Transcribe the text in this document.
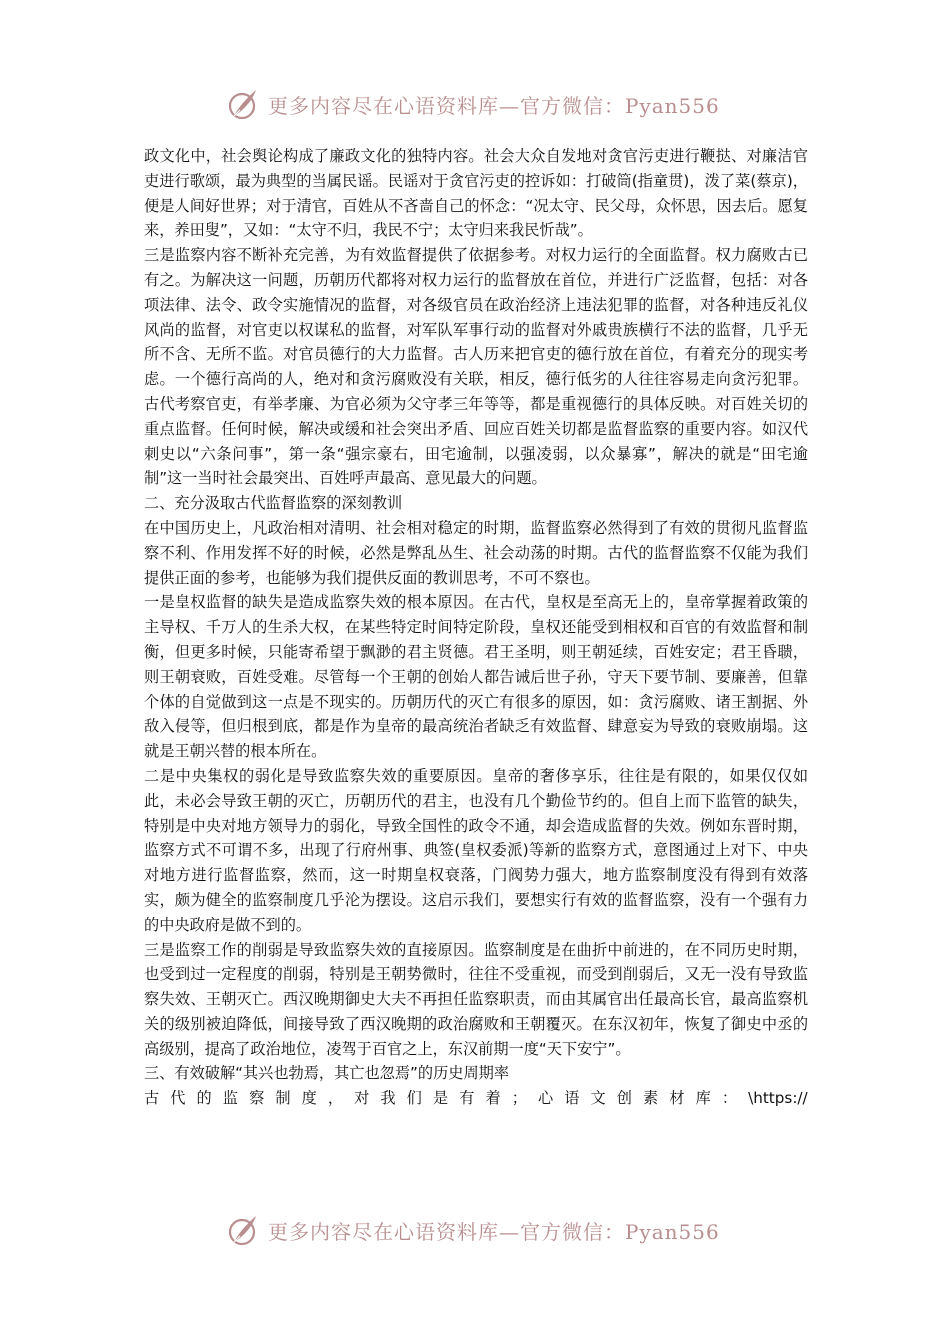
更多内容尽在心语资料库—官方微信：Pyan556

政文化中，社会舆论构成了廉政文化的独特内容。社会大众自发地对贪官污吏进行鞭挞、对廉洁官吏进行歌颂，最为典型的当属民谣。民谣对于贪官污吏的控诉如：打破筒(指童贯)，泼了菜(蔡京)，便是人间好世界；对于清官，百姓从不吝啬自己的怀念：“况太守、民父母，众怀思，因去后。愿复来，养田叟”，又如：“太守不归，我民不宁；太守归来我民忻哉”。

三是监察内容不断补充完善，为有效监督提供了依据参考。对权力运行的全面监督。权力腐败古已有之。为解决这一问题，历朝历代都将对权力运行的监督放在首位，并进行广泛监督，包括：对各项法律、法令、政令实施情况的监督，对各级官员在政治经济上违法犯罪的监督，对各种违反礼仪风尚的监督，对官吏以权谋私的监督，对军队军事行动的监督对外戚贵族横行不法的监督，几乎无所不含、无所不监。对官员德行的大力监督。古人历来把官吏的德行放在首位，有着充分的现实考虑。一个德行高尚的人，绝对和贪污腐败没有关联，相反，德行低劣的人往往容易走向贪污犯罪。古代考察官吏，有举孝廉、为官必须为父守孝三年等等，都是重视德行的具体反映。对百姓关切的重点监督。任何时候，解决或缓和社会突出矛盾、回应百姓关切都是监督监察的重要内容。如汉代刺史以“六条问事”，第一条“强宗豪右，田宅逾制，以强凌弱，以众暴寡”，解决的就是“田宅逾制”这一当时社会最突出、百姓呼声最高、意见最大的问题。

二、充分汲取古代监督监察的深刻教训

在中国历史上，凡政治相对清明、社会相对稳定的时期，监督监察必然得到了有效的贯彻凡监督监察不利、作用发挥不好的时候，必然是弊乱丛生、社会动荡的时期。古代的监督监察不仅能为我们提供正面的参考，也能够为我们提供反面的教训思考，不可不察也。

一是皇权监督的缺失是造成监察失效的根本原因。在古代，皇权是至高无上的，皇帝掌握着政策的主导权、千万人的生杀大权，在某些特定时间特定阶段，皇权还能受到相权和百官的有效监督和制衡，但更多时候，只能寄希望于飘渺的君主贤德。君王圣明，则王朝延续，百姓安定；君王昏聩，则王朝衰败，百姓受难。尽管每一个王朝的创始人都告诫后世子孙，守天下要节制、要廉善，但靠个体的自觉做到这一点是不现实的。历朝历代的灭亡有很多的原因，如：贪污腐败、诸王割据、外敌入侵等，但归根到底，都是作为皇帝的最高统治者缺乏有效监督、肆意妄为导致的衰败崩塌。这就是王朝兴替的根本所在。

二是中央集权的弱化是导致监察失效的重要原因。皇帝的奢侈享乐，往往是有限的，如果仅仅如此，未必会导致王朝的灭亡，历朝历代的君主，也没有几个勤俭节约的。但自上而下监管的缺失，特别是中央对地方领导力的弱化，导致全国性的政令不通，却会造成监督的失效。例如东晋时期，监察方式不可谓不多，出现了行府州事、典签(皇权委派)等新的监察方式，意图通过上对下、中央对地方进行监督监察，然而，这一时期皇权衰落，门阀势力强大，地方监察制度没有得到有效落实，颇为健全的监察制度几乎沦为摆设。这启示我们，要想实行有效的监督监察，没有一个强有力的中央政府是做不到的。

三是监察工作的削弱是导致监察失效的直接原因。监察制度是在曲折中前进的，在不同历史时期，也受到过一定程度的削弱，特别是王朝势微时，往往不受重视，而受到削弱后，又无一没有导致监察失效、王朝灭亡。西汉晚期御史大夫不再担任监察职责，而由其属官出任最高长官，最高监察机关的级别被迫降低，间接导致了西汉晚期的政治腐败和王朝覆灭。在东汉初年，恢复了御史中丞的高级别，提高了政治地位，凌驾于百官之上，东汉前期一度“天下安宁”。

三、有效破解“其兴也勃焉，其亡也忽焉”的历史周期率

古 代 的 监 察 制 度 ， 对 我 们 是 有 着 ； 心 语 文 创 素 材 库 ： \https://
更多内容尽在心语资料库—官方微信：Pyan556
